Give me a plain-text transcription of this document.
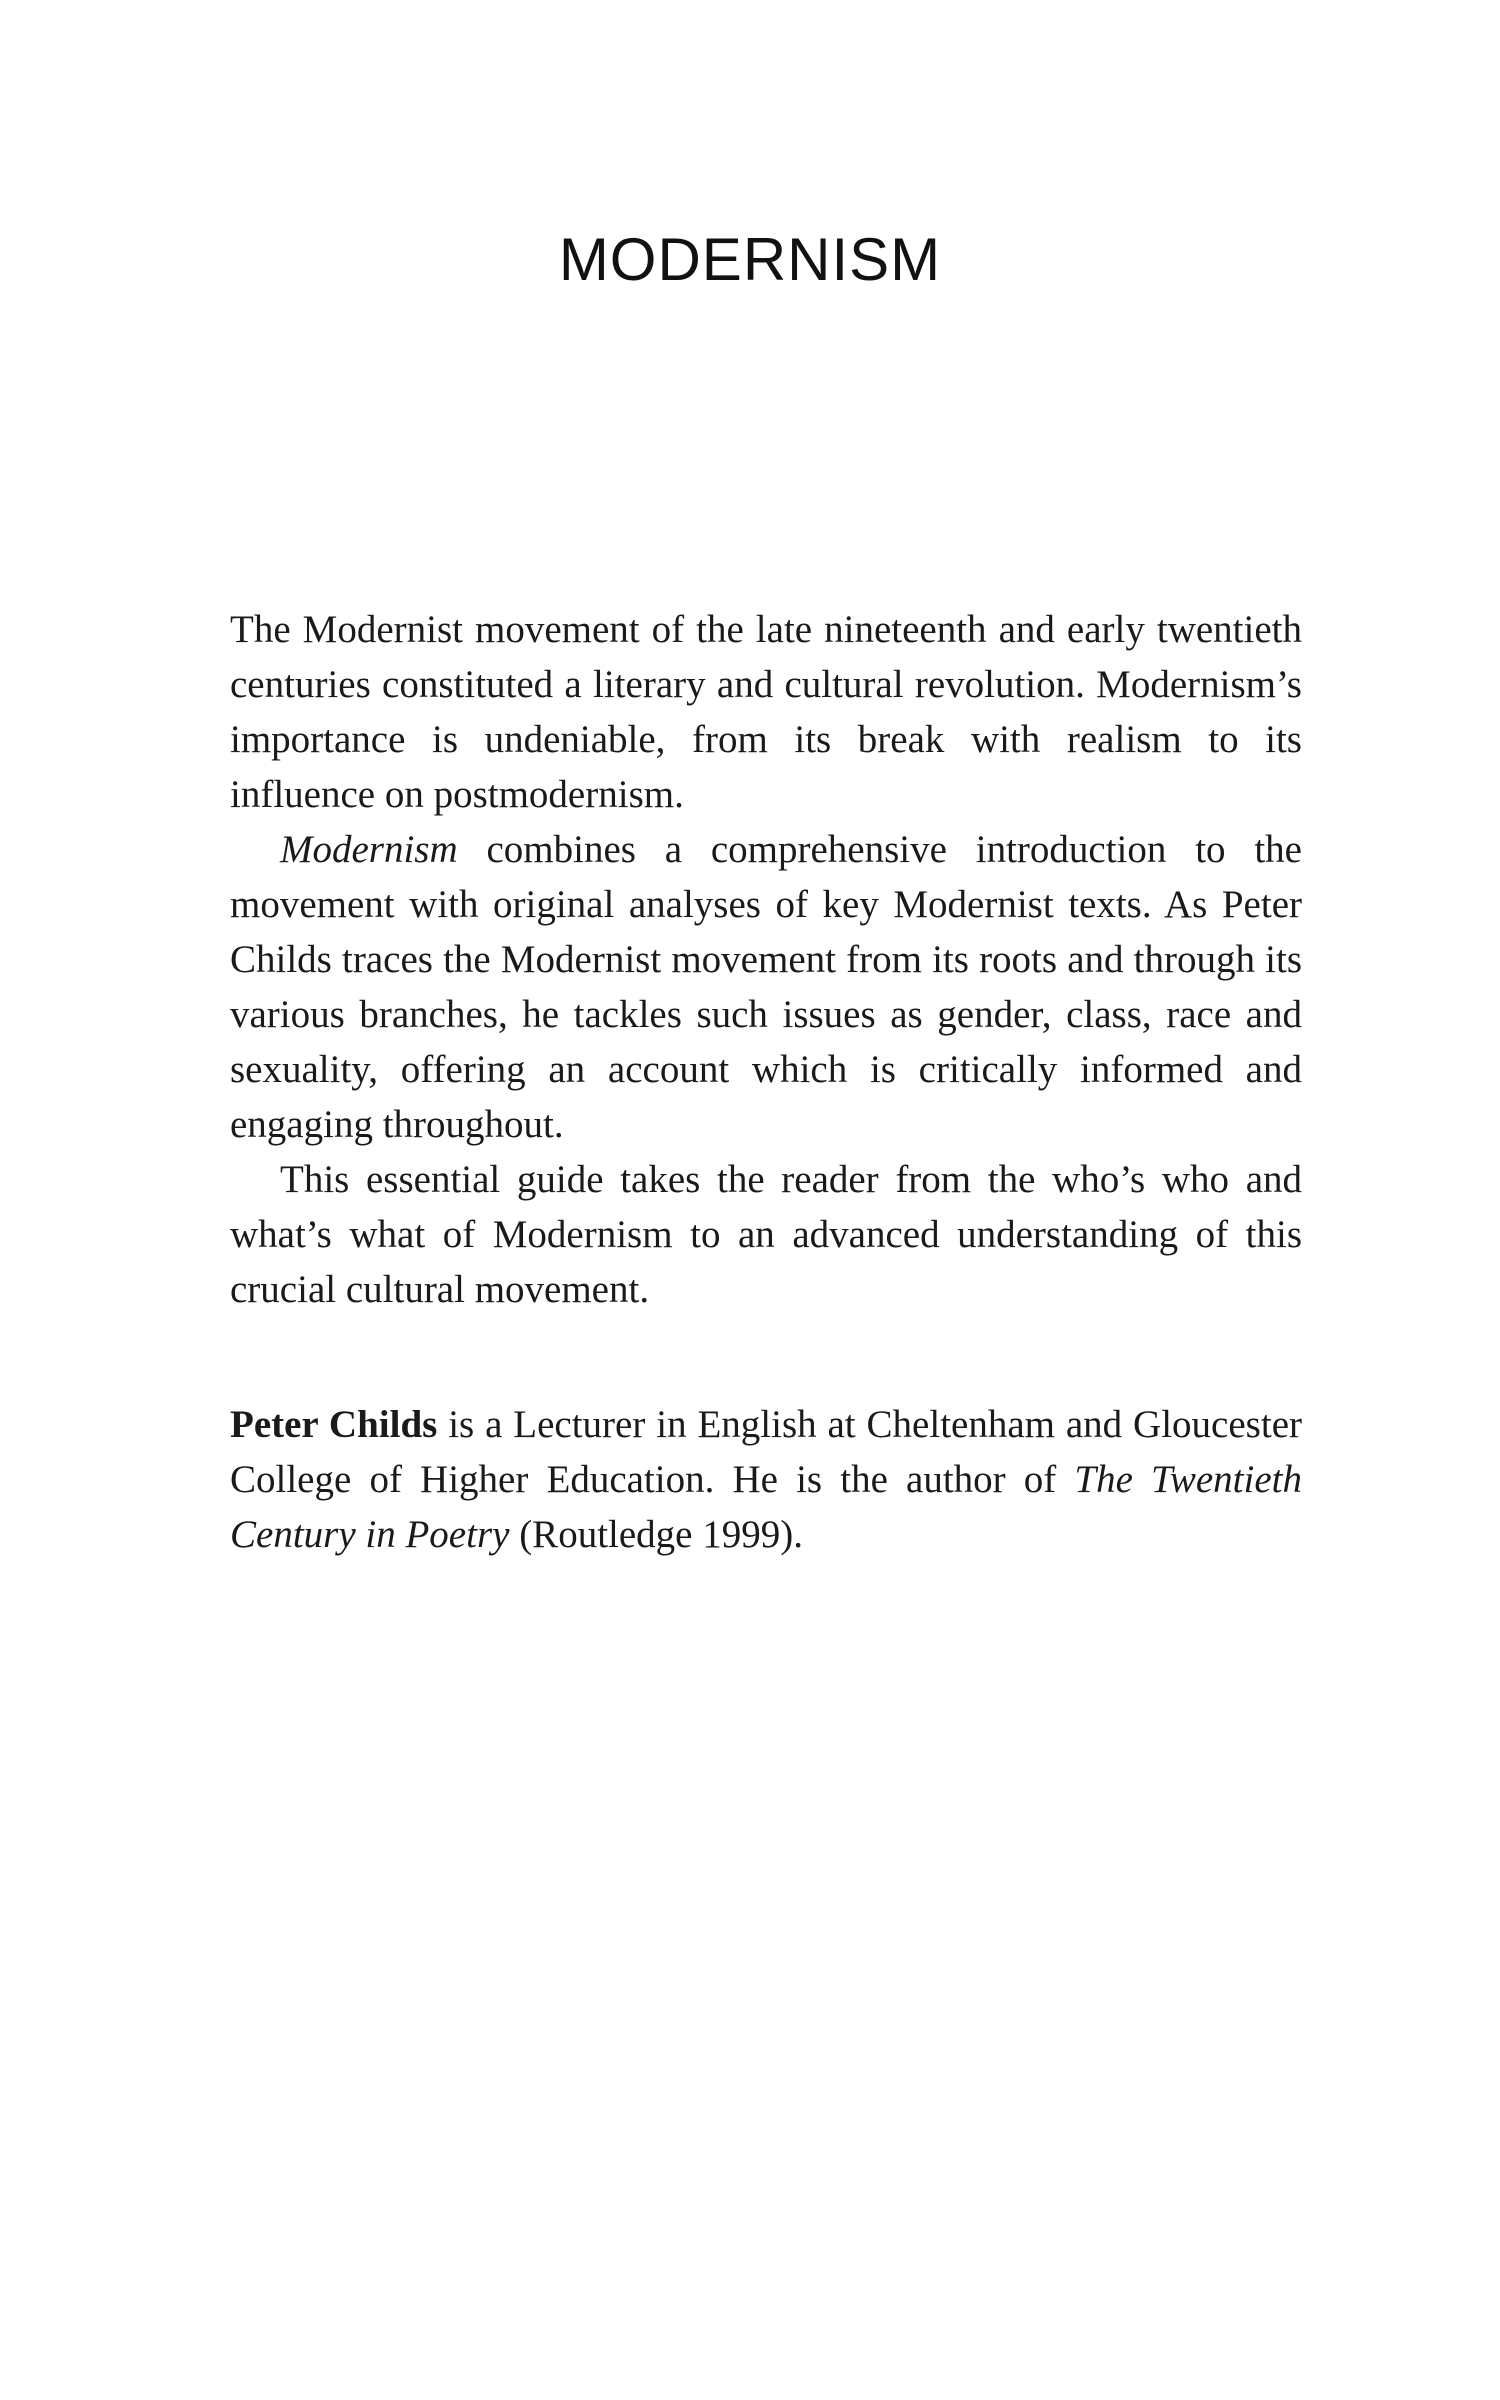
MODERNISM

The Modernist movement of the late nineteenth and early twentieth centuries constituted a literary and cultural revolution. Modernism’s importance is undeniable, from its break with realism to its influence on postmodernism.

Modernism combines a comprehensive introduction to the movement with original analyses of key Modernist texts. As Peter Childs traces the Modernist movement from its roots and through its various branches, he tackles such issues as gender, class, race and sexuality, offering an account which is critically informed and engaging throughout.

This essential guide takes the reader from the who’s who and what’s what of Modernism to an advanced understanding of this crucial cultural movement.

Peter Childs is a Lecturer in English at Cheltenham and Gloucester College of Higher Education. He is the author of The Twentieth Century in Poetry (Routledge 1999).
